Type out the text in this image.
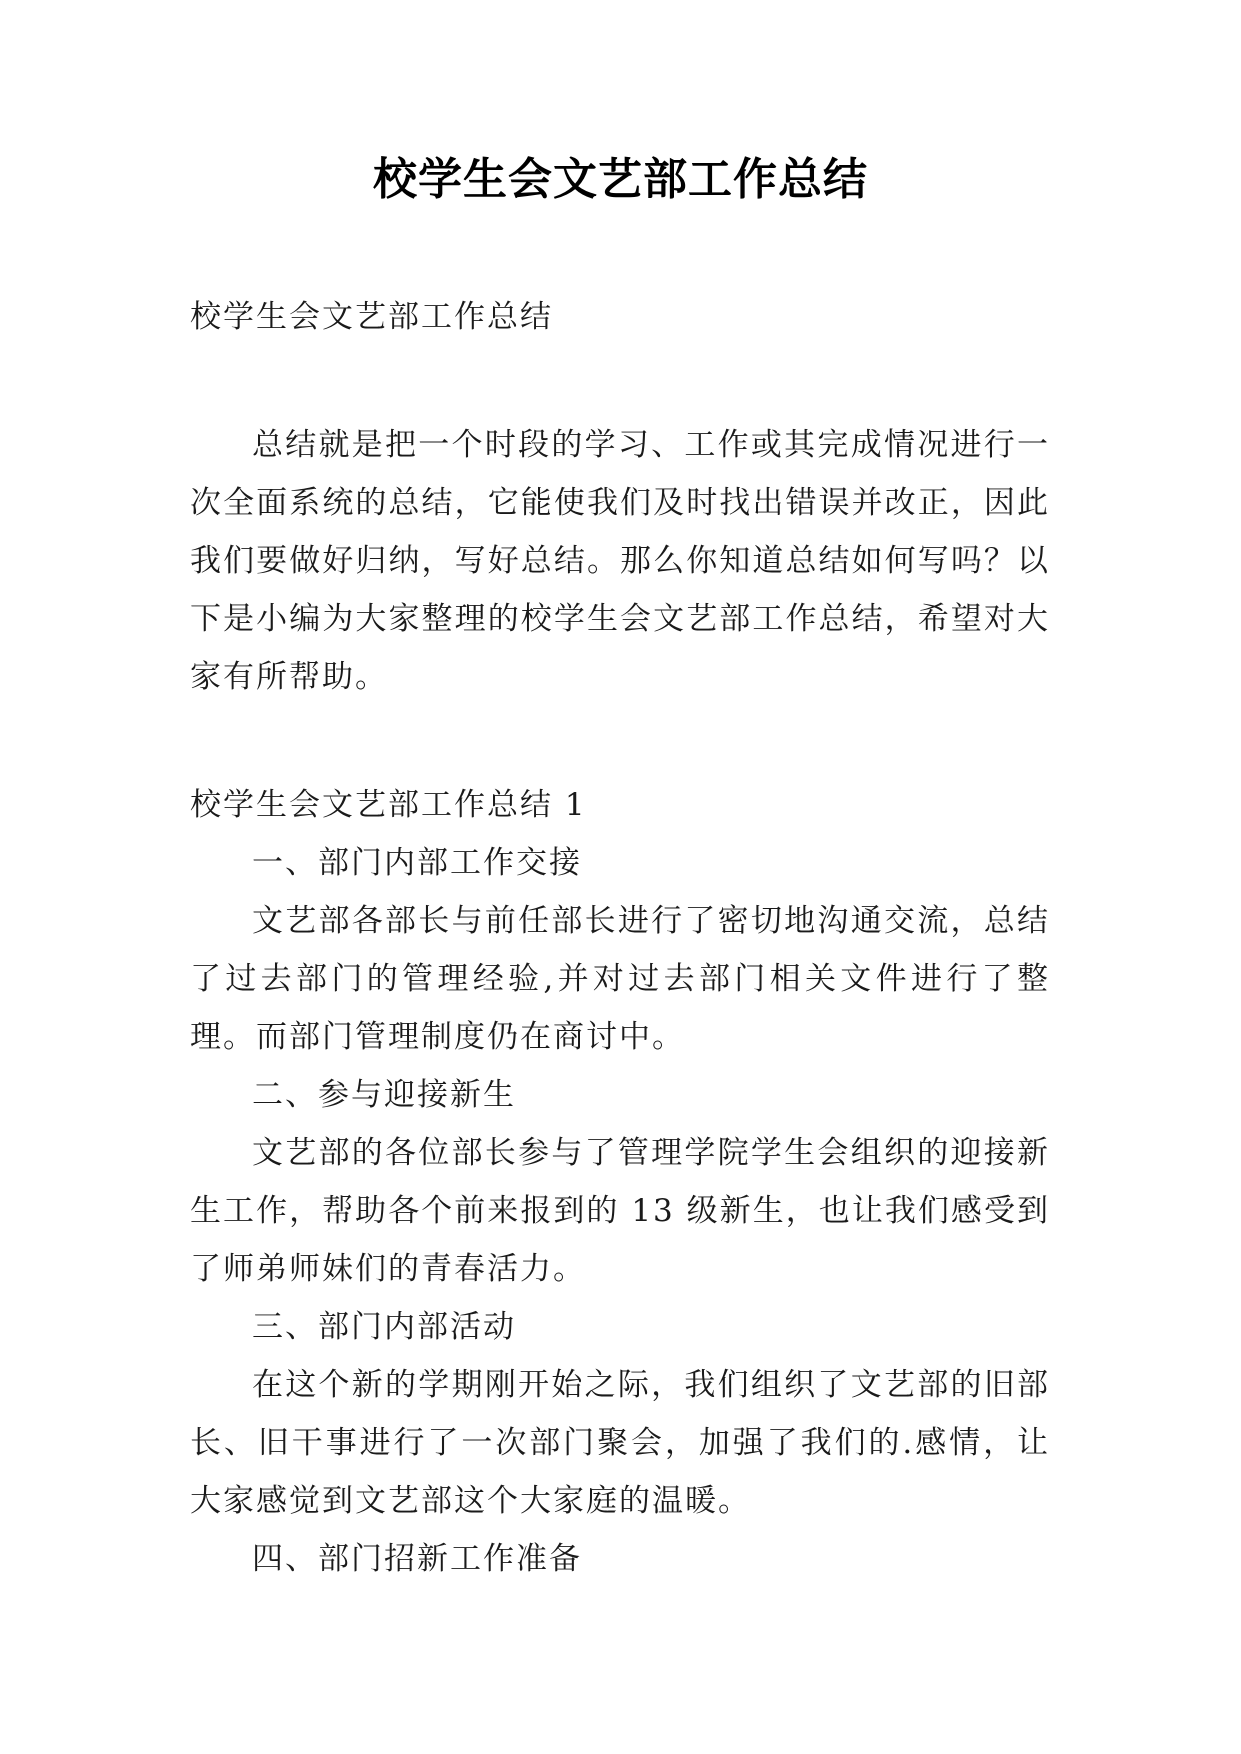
校学生会文艺部工作总结

校学生会文艺部工作总结

总结就是把一个时段的学习、工作或其完成情况进行一次全面系统的总结，它能使我们及时找出错误并改正，因此我们要做好归纳，写好总结。那么你知道总结如何写吗？以下是小编为大家整理的校学生会文艺部工作总结，希望对大家有所帮助。

校学生会文艺部工作总结 1

一、部门内部工作交接

文艺部各部长与前任部长进行了密切地沟通交流，总结了过去部门的管理经验,并对过去部门相关文件进行了整理。而部门管理制度仍在商讨中。

二、参与迎接新生

文艺部的各位部长参与了管理学院学生会组织的迎接新生工作，帮助各个前来报到的 13 级新生，也让我们感受到了师弟师妹们的青春活力。

三、部门内部活动

在这个新的学期刚开始之际，我们组织了文艺部的旧部长、旧干事进行了一次部门聚会，加强了我们的.感情，让大家感觉到文艺部这个大家庭的温暖。

四、部门招新工作准备
